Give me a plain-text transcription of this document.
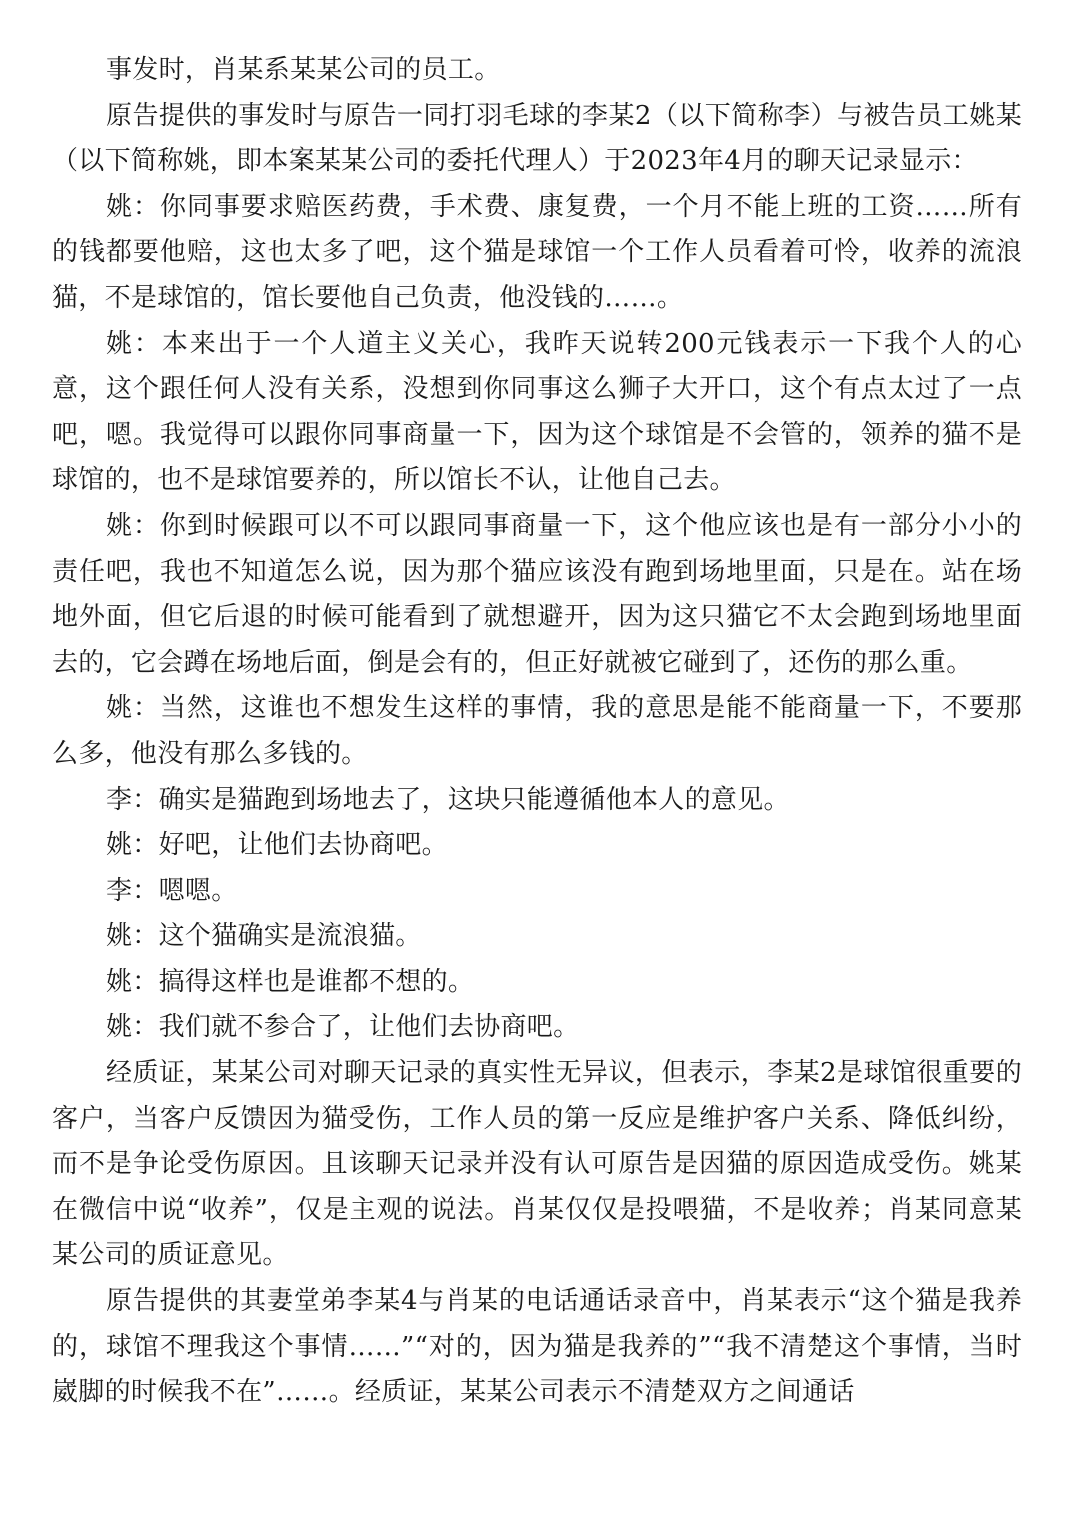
事发时，肖某系某某公司的员工。

原告提供的事发时与原告一同打羽毛球的李某2（以下简称李）与被告员工姚某（以下简称姚，即本案某某公司的委托代理人）于2023年4月的聊天记录显示：

姚：你同事要求赔医药费，手术费、康复费，一个月不能上班的工资……所有的钱都要他赔，这也太多了吧，这个猫是球馆一个工作人员看着可怜，收养的流浪猫，不是球馆的，馆长要他自己负责，他没钱的……。

姚：本来出于一个人道主义关心，我昨天说转200元钱表示一下我个人的心意，这个跟任何人没有关系，没想到你同事这么狮子大开口，这个有点太过了一点吧，嗯。我觉得可以跟你同事商量一下，因为这个球馆是不会管的，领养的猫不是球馆的，也不是球馆要养的，所以馆长不认，让他自己去。

姚：你到时候跟可以不可以跟同事商量一下，这个他应该也是有一部分小小的责任吧，我也不知道怎么说，因为那个猫应该没有跑到场地里面，只是在。站在场地外面，但它后退的时候可能看到了就想避开，因为这只猫它不太会跑到场地里面去的，它会蹲在场地后面，倒是会有的，但正好就被它碰到了，还伤的那么重。

姚：当然，这谁也不想发生这样的事情，我的意思是能不能商量一下，不要那么多，他没有那么多钱的。

李：确实是猫跑到场地去了，这块只能遵循他本人的意见。

姚：好吧，让他们去协商吧。

李：嗯嗯。

姚：这个猫确实是流浪猫。

姚：搞得这样也是谁都不想的。

姚：我们就不参合了，让他们去协商吧。

经质证，某某公司对聊天记录的真实性无异议，但表示，李某2是球馆很重要的客户，当客户反馈因为猫受伤，工作人员的第一反应是维护客户关系、降低纠纷，而不是争论受伤原因。且该聊天记录并没有认可原告是因猫的原因造成受伤。姚某在微信中说“收养”，仅是主观的说法。肖某仅仅是投喂猫，不是收养；肖某同意某某公司的质证意见。

原告提供的其妻堂弟李某4与肖某的电话通话录音中，肖某表示“这个猫是我养的，球馆不理我这个事情……”“对的，因为猫是我养的”“我不清楚这个事情，当时崴脚的时候我不在”……。经质证，某某公司表示不清楚双方之间通话
